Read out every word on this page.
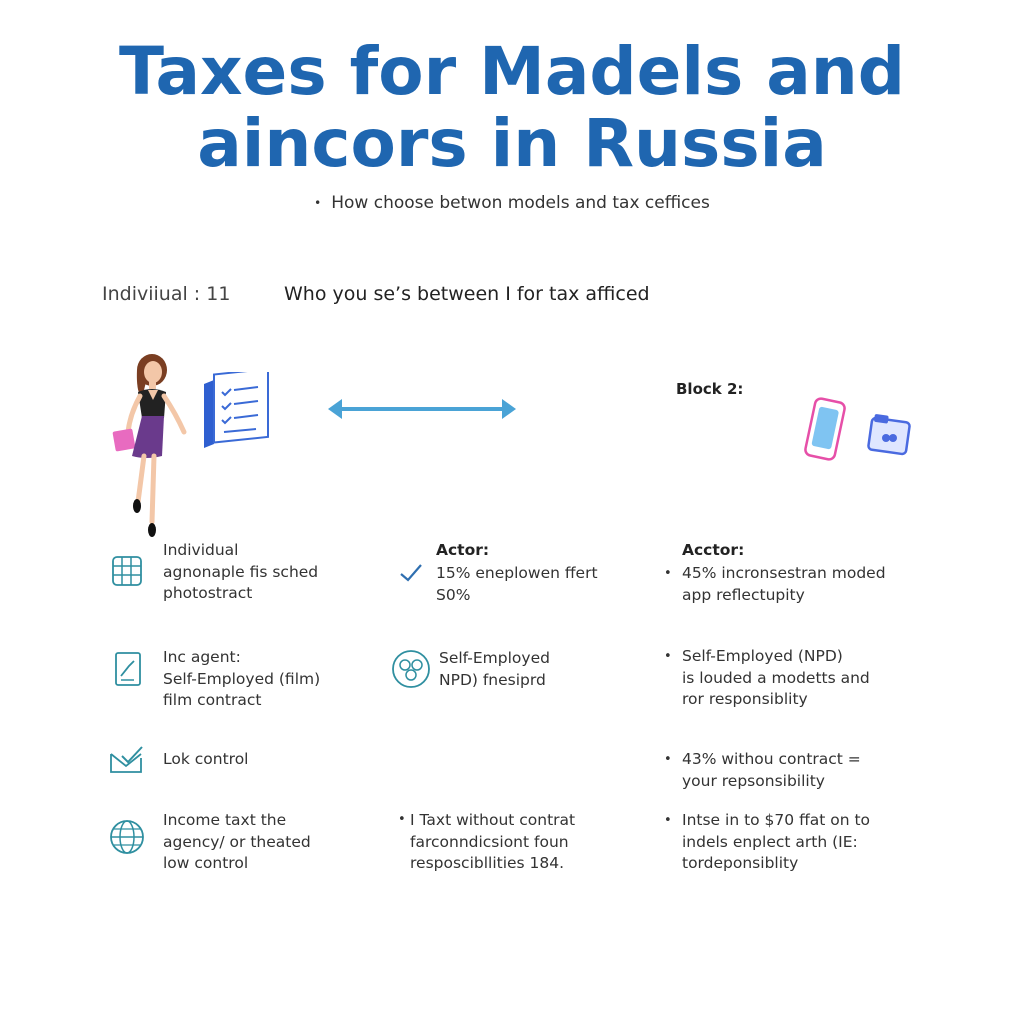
Taxes for Madels and
aincors in Russia
• How choose betwon models and tax ceffices
Indiviiual : 11	Who you se’s between I for tax afficed
Block 2:
Individual
agnonaple fis sched
photostract
Inc agent:
Self-Employed (film)
film contract
Lok control
Income taxt the
agency/ or theated
low control
Actor:
15% eneplowen ffert
S0%
Self-Employed
NPD) fnesiprd
• I Taxt without contrat
farconndicsiont foun
resposcibllities 184.
Acctor:
• 45% incronsestran moded
app reflectupity
• Self-Employed (NPD)
is louded a modetts and
ror responsiblity
• 43% withou contract =
your repsonsibility
• Intse in to $70 ffat on to
indels enplect arth (IE:
tordeponsiblity
